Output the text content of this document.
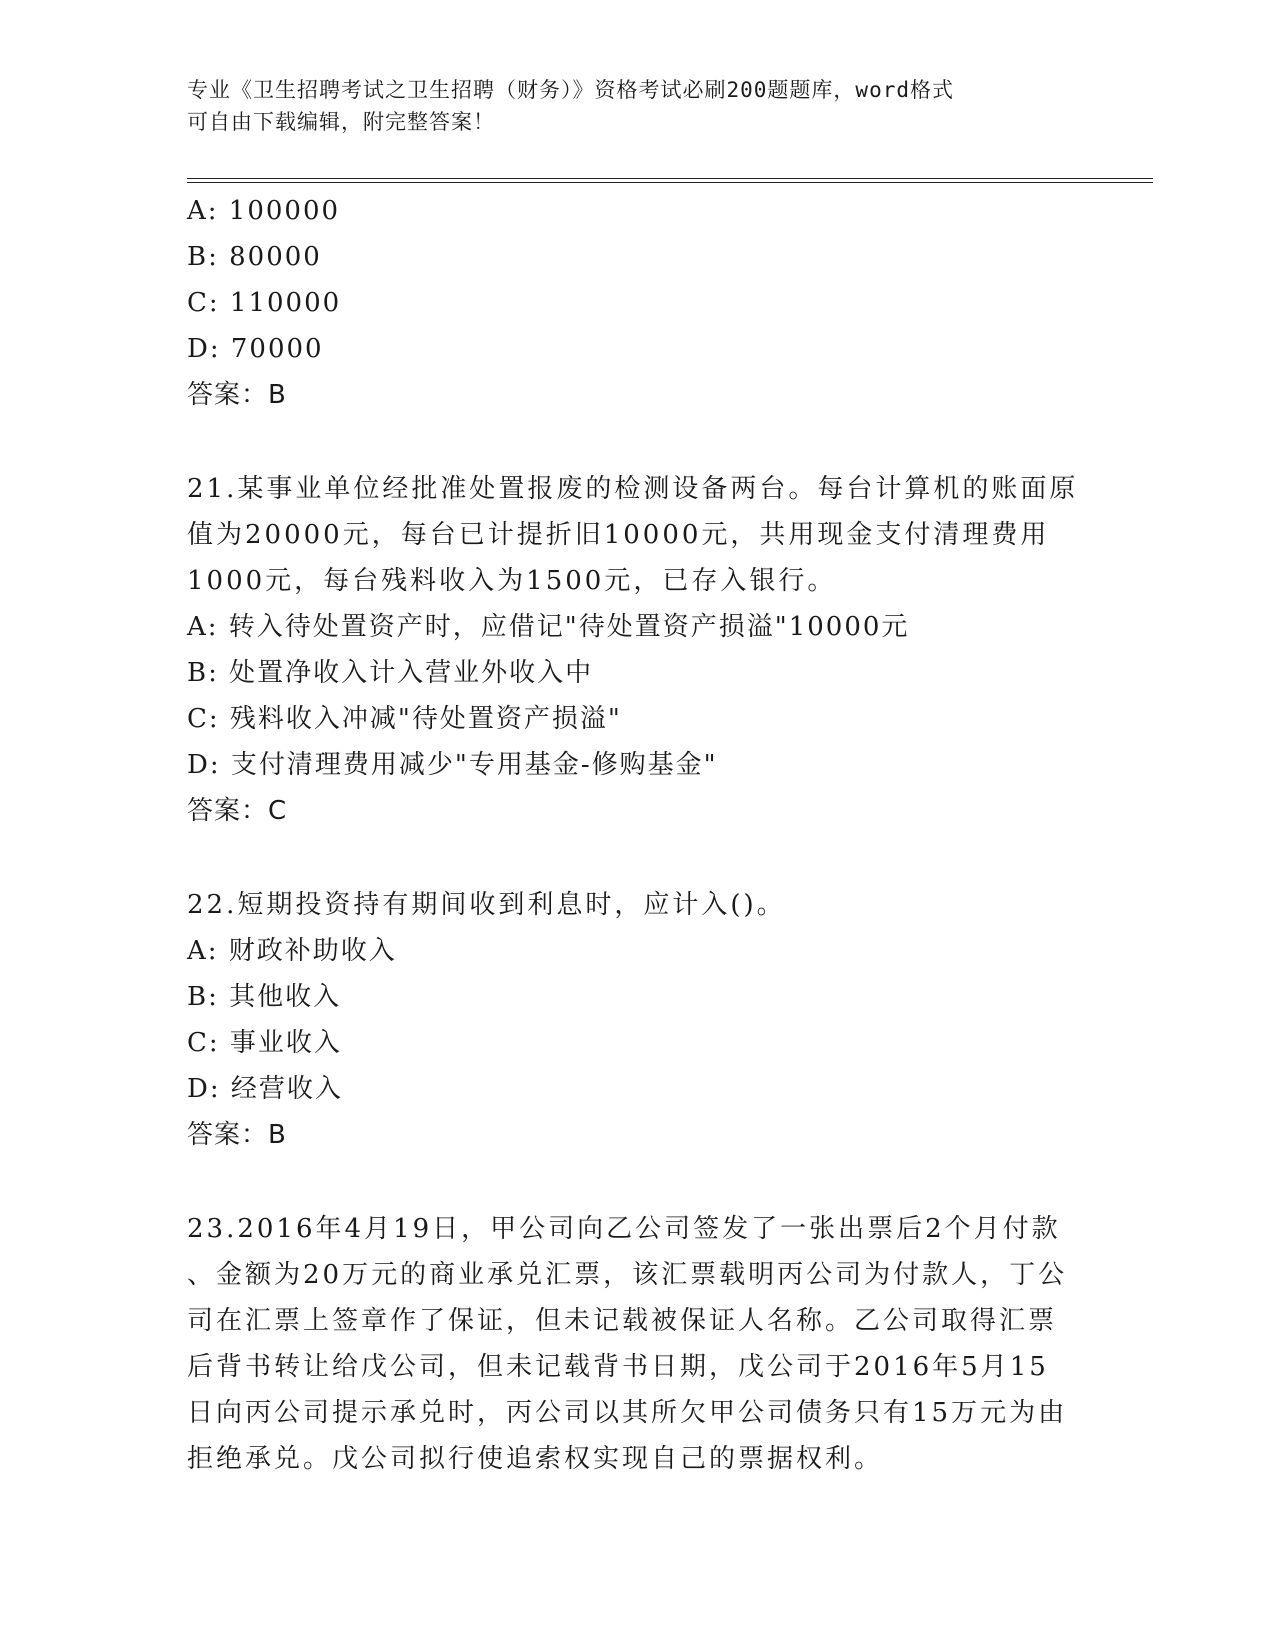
专业《卫生招聘考试之卫生招聘（财务）》资格考试必刷200题题库，word格式
可自由下载编辑，附完整答案！
A: 100000
B: 80000
C: 110000
D: 70000
答案：B
21.某事业单位经批准处置报废的检测设备两台。每台计算机的账面原
值为20000元，每台已计提折旧10000元，共用现金支付清理费用
1000元，每台残料收入为1500元，已存入银行。
A: 转入待处置资产时，应借记"待处置资产损溢"10000元
B: 处置净收入计入营业外收入中
C: 残料收入冲减"待处置资产损溢"
D: 支付清理费用减少"专用基金-修购基金"
答案：C
22.短期投资持有期间收到利息时，应计入()。
A: 财政补助收入
B: 其他收入
C: 事业收入
D: 经营收入
答案：B
23.2016年4月19日，甲公司向乙公司签发了一张出票后2个月付款
、金额为20万元的商业承兑汇票，该汇票载明丙公司为付款人，丁公
司在汇票上签章作了保证，但未记载被保证人名称。乙公司取得汇票
后背书转让给戊公司，但未记载背书日期，戊公司于2016年5月15
日向丙公司提示承兑时，丙公司以其所欠甲公司债务只有15万元为由
拒绝承兑。戊公司拟行使追索权实现自己的票据权利。
